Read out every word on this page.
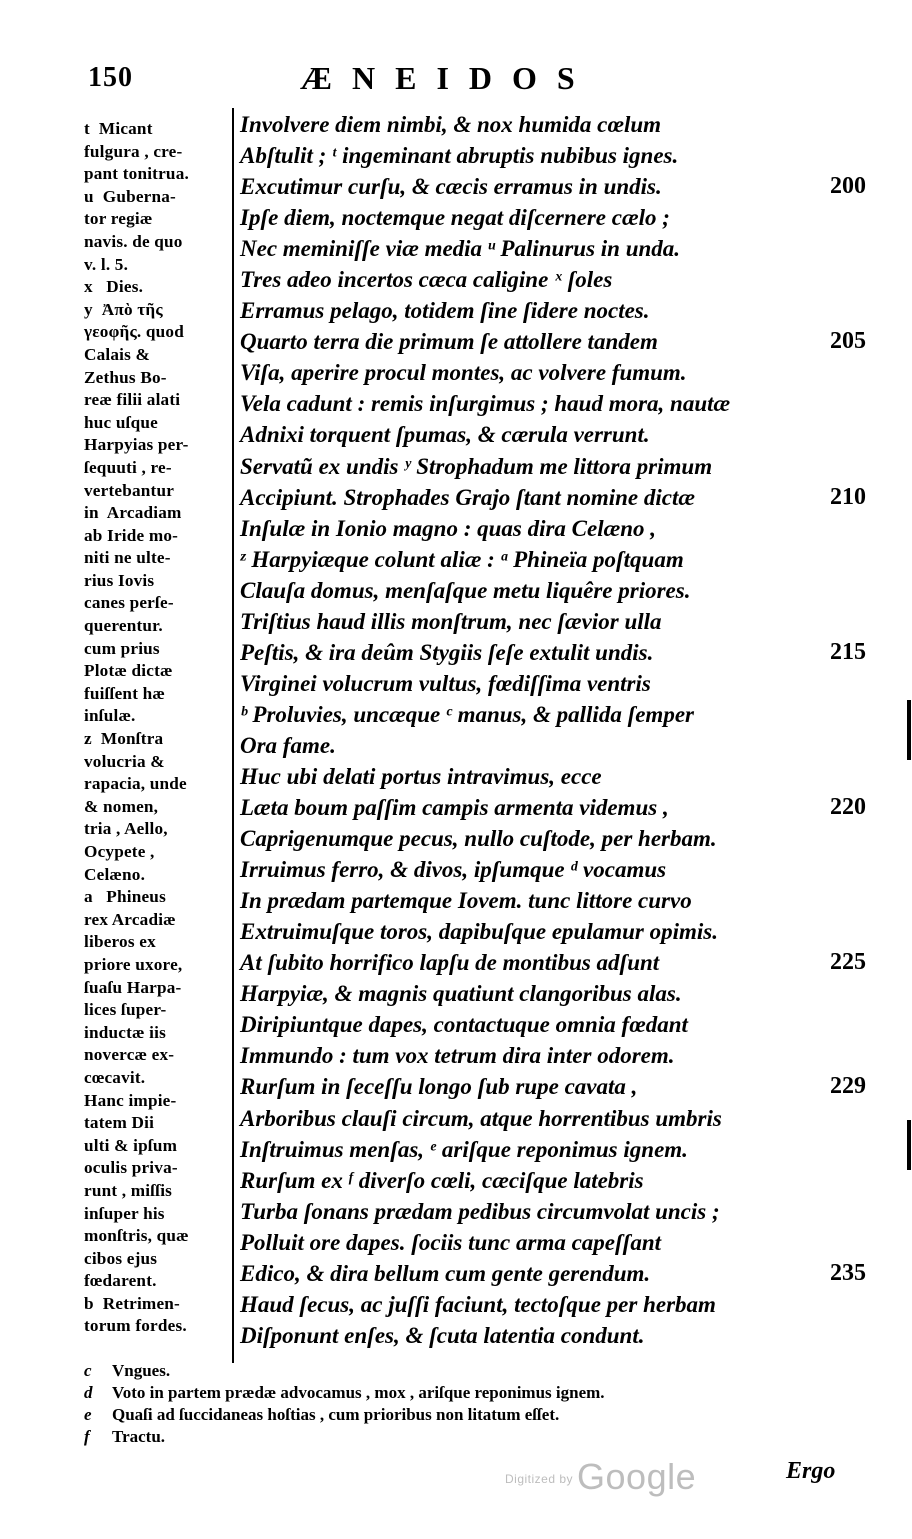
150	ÆNEIDOS
t  Micant
fulgura , cre-
pant tonitrua.
u  Guberna-
tor regiæ
navis. de quo
v. l. 5.
x   Dies.
y  Ἀπὸ τῆς
γεοφῆς. quod
Calais &
Zethus Bo-
reæ filii alati
huc uſque
Harpyias per-
ſequuti , re-
vertebantur
in  Arcadiam
ab Iride mo-
niti ne ulte-
rius Iovis
canes perſe-
querentur.
cum prius
Plotæ dictæ
fuiſſent hæ
inſulæ.
z  Monſtra
volucria &
rapacia, unde
& nomen,
tria , Aello,
Ocypete ,
Celæno.
a   Phineus
rex Arcadiæ
liberos ex
priore uxore,
ſuaſu Harpa-
lices ſuper-
inductæ iis
novercæ ex-
cœcavit.
Hanc impie-
tatem Dii
ulti & ipſum
oculis priva-
runt , miſſis
inſuper his
monſtris, quæ
cibos ejus
fœdarent.
b  Retrimen-
torum fordes.
Involvere diem nimbi, & nox humida cœlum
Abſtulit ; ᵗ ingeminant abruptis nubibus ignes.
Excutimur curſu, & cæcis erramus in undis.	200
Ipſe diem, noctemque negat diſcernere cælo ;
Nec meminiſſe viæ media ᵘ Palinurus in unda.
Tres adeo incertos cæca caligine ˣ ſoles
Erramus pelago, totidem ſine ſidere noctes.
Quarto terra die primum ſe attollere tandem	205
Viſa, aperire procul montes, ac volvere fumum.
Vela cadunt : remis inſurgimus ; haud mora, nautæ
Adnixi torquent ſpumas, & cærula verrunt.
Servatũ ex undis ʸ Strophadum me littora primum
Accipiunt. Strophades Grajo ſtant nomine dictæ	210
Inſulæ in Ionio magno : quas dira Celæno ,
ᶻ Harpyiæque colunt aliæ : ᵃ Phineïa poſtquam
Clauſa domus, menſaſque metu liquêre priores.
Triſtius haud illis monſtrum, nec ſævior ulla
Peſtis, & ira deûm Stygiis ſeſe extulit undis.	215
Virginei volucrum vultus, fœdiſſima ventris
ᵇ Proluvies, uncæque ᶜ manus, & pallida ſemper
Ora fame.
Huc ubi delati portus intravimus, ecce
Læta boum paſſim campis armenta videmus ,	220
Caprigenumque pecus, nullo cuſtode, per herbam.
Irruimus ferro, & divos, ipſumque ᵈ vocamus
In prædam partemque Iovem. tunc littore curvo
Extruimuſque toros, dapibuſque epulamur opimis.
At ſubito horrifico lapſu de montibus adſunt	225
Harpyiæ, & magnis quatiunt clangoribus alas.
Diripiuntque dapes, contactuque omnia fœdant
Immundo : tum vox tetrum dira inter odorem.
Rurſum in ſeceſſu longo ſub rupe cavata ,	229
Arboribus clauſi circum, atque horrentibus umbris
Inſtruimus menſas, ᵉ ariſque reponimus ignem.
Rurſum ex ᶠ diverſo cœli, cæciſque latebris
Turba ſonans prædam pedibus circumvolat uncis ;
Polluit ore dapes. ſociis tunc arma capeſſant
Edico, & dira bellum cum gente gerendum.	235
Haud ſecus, ac juſſi faciunt, tectoſque per herbam
Diſponunt enſes, & ſcuta latentia condunt.
c Vngues.
d Voto in partem prædæ advocamus , mox , ariſque reponimus ignem.
e Quaſi ad ſuccidaneas hoſtias , cum prioribus non litatum eſſet.
f Tractu.
Digitized by Google	Ergo
